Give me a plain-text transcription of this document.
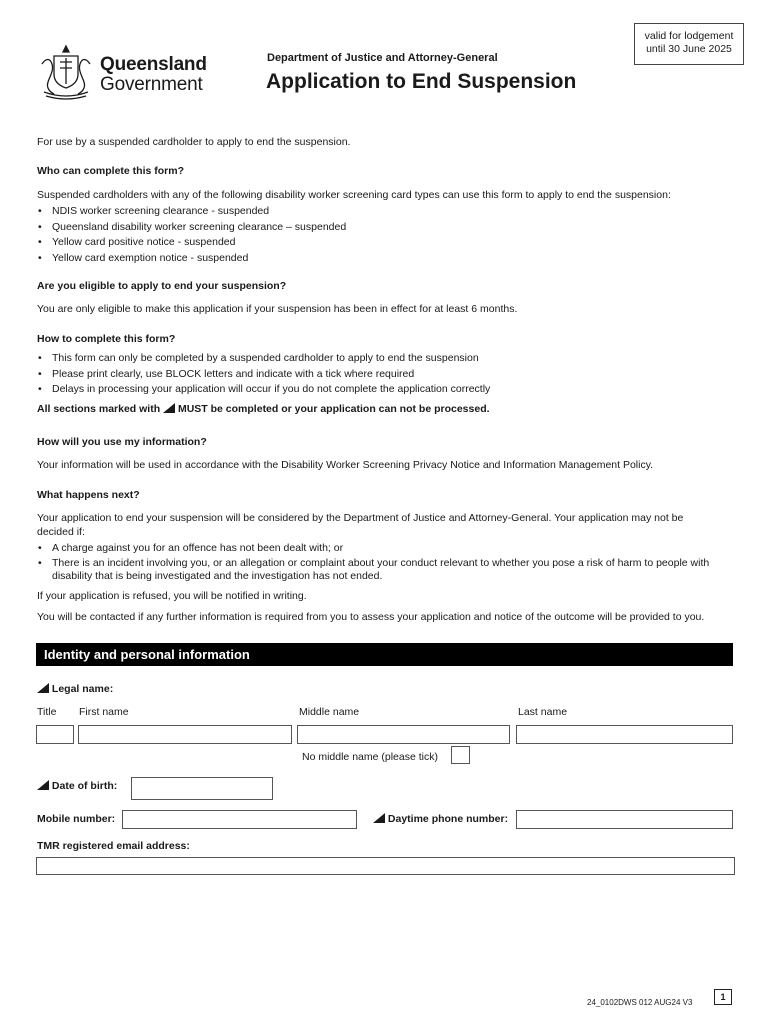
Queensland
Government
Department of Justice and Attorney-General
Application to End Suspension
valid for lodgement
until 30 June 2025
For use by a suspended cardholder to apply to end the suspension.
Who can complete this form?
Suspended cardholders with any of the following disability worker screening card types can use this form to apply to end the suspension:
• NDIS worker screening clearance - suspended
• Queensland disability worker screening clearance – suspended
• Yellow card positive notice - suspended
• Yellow card exemption notice - suspended
Are you eligible to apply to end your suspension?
You are only eligible to make this application if your suspension has been in effect for at least 6 months.
How to complete this form?
• This form can only be completed by a suspended cardholder to apply to end the suspension
• Please print clearly, use BLOCK letters and indicate with a tick where required
• Delays in processing your application will occur if you do not complete the application correctly
All sections marked with MUST be completed or your application can not be processed.
How will you use my information?
Your information will be used in accordance with the Disability Worker Screening Privacy Notice and Information Management Policy.
What happens next?
Your application to end your suspension will be considered by the Department of Justice and Attorney-General. Your application may not be decided if:
• A charge against you for an offence has not been dealt with; or
• There is an incident involving you, or an allegation or complaint about your conduct relevant to whether you pose a risk of harm to people with disability that is being investigated and the investigation has not ended.
If your application is refused, you will be notified in writing.
You will be contacted if any further information is required from you to assess your application and notice of the outcome will be provided to you.
Identity and personal information
Legal name:
Title First name	Middle name	Last name
No middle name (please tick)
Date of birth:
Mobile number:	Daytime phone number:
TMR registered email address:
24_0102DWS 012 AUG24 V3
1
